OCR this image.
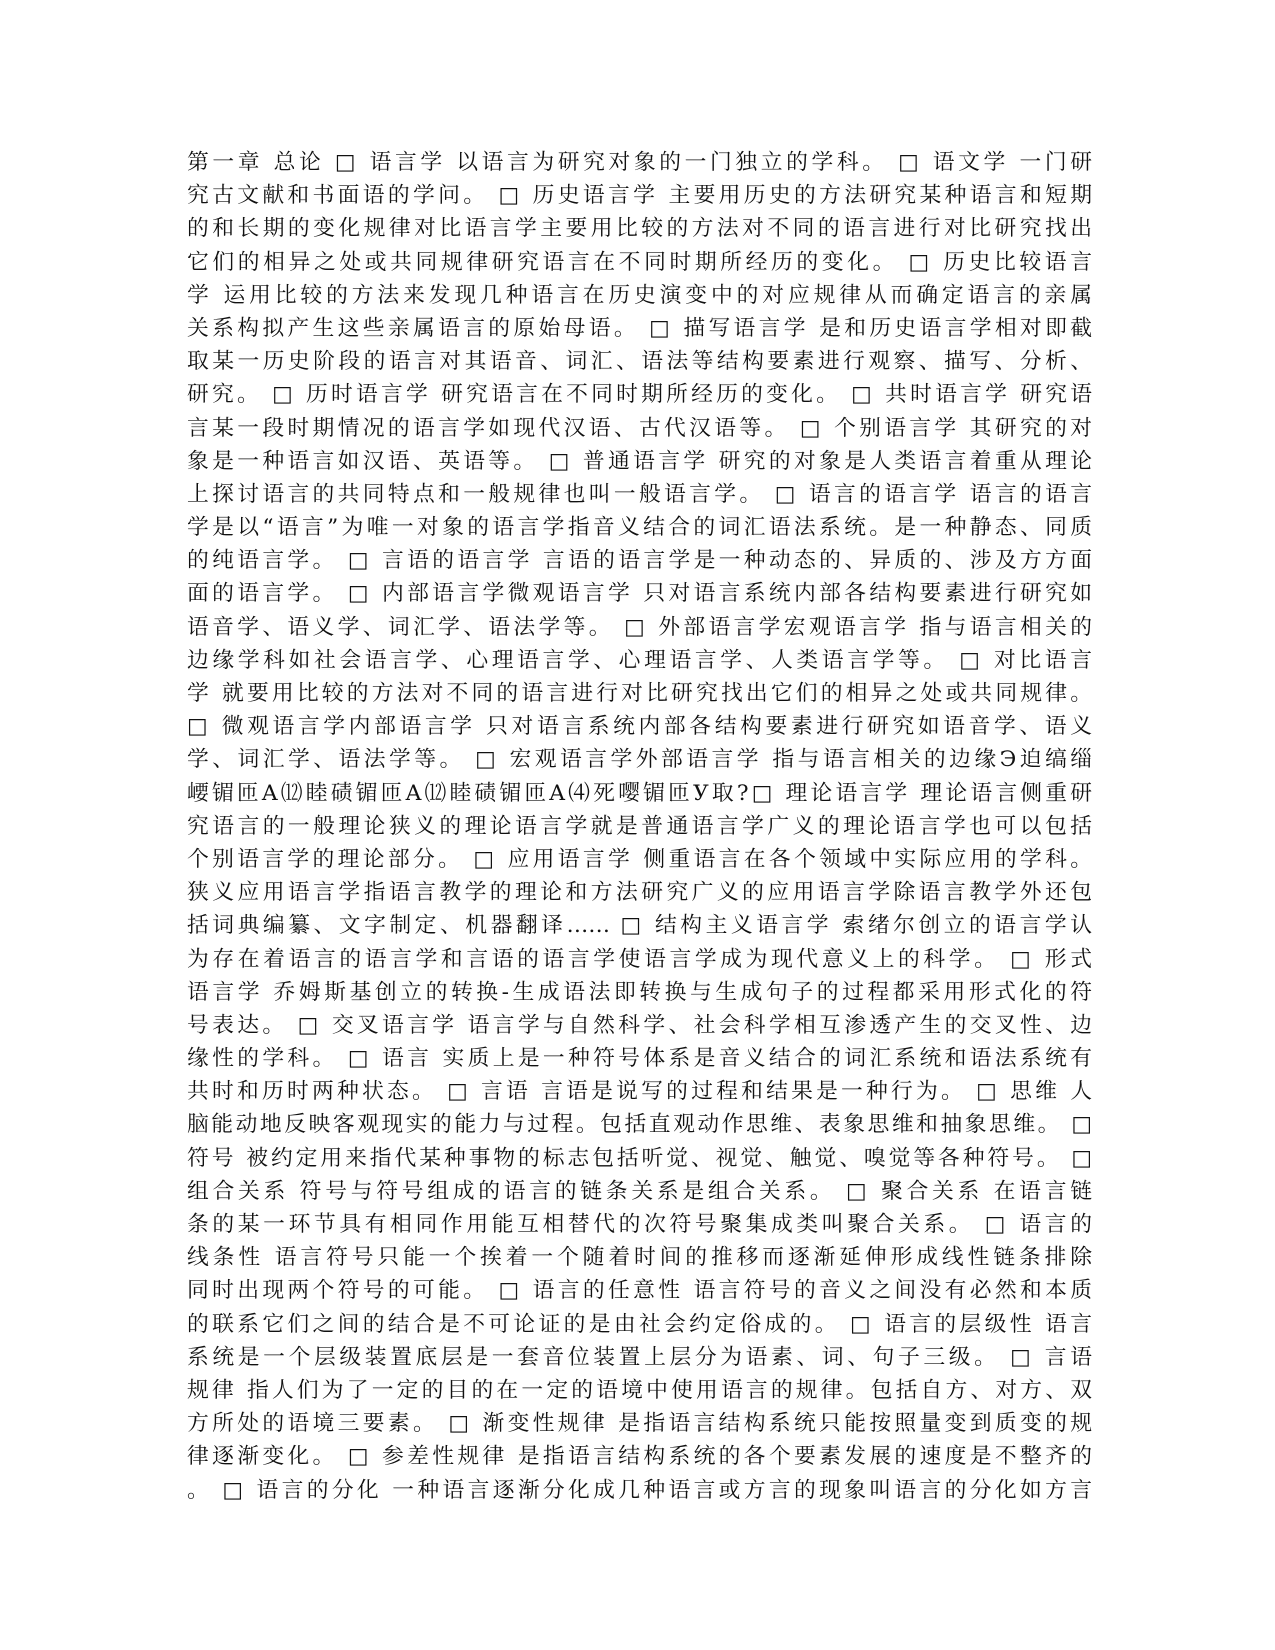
第一章 总论 □ 语言学 以语言为研究对象的一门独立的学科。 □ 语文学 一门研
究古文献和书面语的学问。 □ 历史语言学 主要用历史的方法研究某种语言和短期
的和长期的变化规律对比语言学主要用比较的方法对不同的语言进行对比研究找出
它们的相异之处或共同规律研究语言在不同时期所经历的变化。 □ 历史比较语言
学 运用比较的方法来发现几种语言在历史演变中的对应规律从而确定语言的亲属
关系构拟产生这些亲属语言的原始母语。 □ 描写语言学 是和历史语言学相对即截
取某一历史阶段的语言对其语音、词汇、语法等结构要素进行观察、描写、分析、
研究。 □ 历时语言学 研究语言在不同时期所经历的变化。 □ 共时语言学 研究语
言某一段时期情况的语言学如现代汉语、古代汉语等。 □ 个别语言学 其研究的对
象是一种语言如汉语、英语等。 □ 普通语言学 研究的对象是人类语言着重从理论
上探讨语言的共同特点和一般规律也叫一般语言学。 □ 语言的语言学 语言的语言
学是以“语言”为唯一对象的语言学指音义结合的词汇语法系统。是一种静态、同质
的纯语言学。 □ 言语的语言学 言语的语言学是一种动态的、异质的、涉及方方面
面的语言学。 □ 内部语言学微观语言学 只对语言系统内部各结构要素进行研究如
语音学、语义学、词汇学、语法学等。 □ 外部语言学宏观语言学 指与语言相关的
边缘学科如社会语言学、心理语言学、心理语言学、人类语言学等。 □ 对比语言
学 就要用比较的方法对不同的语言进行对比研究找出它们的相异之处或共同规律。
□ 微观语言学内部语言学 只对语言系统内部各结构要素进行研究如语音学、语义
学、词汇学、语法学等。 □ 宏观语言学外部语言学 指与语言相关的边缘Э迫缟缁
崾镅匝A⑿睦碛镅匝A⑿睦碛镅匝A⑷死嘤镅匝У取?□ 理论语言学 理论语言侧重研
究语言的一般理论狭义的理论语言学就是普通语言学广义的理论语言学也可以包括
个别语言学的理论部分。 □ 应用语言学 侧重语言在各个领域中实际应用的学科。
狭义应用语言学指语言教学的理论和方法研究广义的应用语言学除语言教学外还包
括词典编纂、文字制定、机器翻译…… □ 结构主义语言学 索绪尔创立的语言学认
为存在着语言的语言学和言语的语言学使语言学成为现代意义上的科学。 □ 形式
语言学 乔姆斯基创立的转换-生成语法即转换与生成句子的过程都采用形式化的符
号表达。 □ 交叉语言学 语言学与自然科学、社会科学相互渗透产生的交叉性、边
缘性的学科。 □ 语言 实质上是一种符号体系是音义结合的词汇系统和语法系统有
共时和历时两种状态。 □ 言语 言语是说写的过程和结果是一种行为。 □ 思维 人
脑能动地反映客观现实的能力与过程。包括直观动作思维、表象思维和抽象思维。 □
符号 被约定用来指代某种事物的标志包括听觉、视觉、触觉、嗅觉等各种符号。 □
组合关系 符号与符号组成的语言的链条关系是组合关系。 □ 聚合关系 在语言链
条的某一环节具有相同作用能互相替代的次符号聚集成类叫聚合关系。 □ 语言的
线条性 语言符号只能一个挨着一个随着时间的推移而逐渐延伸形成线性链条排除
同时出现两个符号的可能。 □ 语言的任意性 语言符号的音义之间没有必然和本质
的联系它们之间的结合是不可论证的是由社会约定俗成的。 □ 语言的层级性 语言
系统是一个层级装置底层是一套音位装置上层分为语素、词、句子三级。 □ 言语
规律 指人们为了一定的目的在一定的语境中使用语言的规律。包括自方、对方、双
方所处的语境三要素。 □ 渐变性规律 是指语言结构系统只能按照量变到质变的规
律逐渐变化。 □ 参差性规律 是指语言结构系统的各个要素发展的速度是不整齐的
。 □ 语言的分化 一种语言逐渐分化成几种语言或方言的现象叫语言的分化如方言
